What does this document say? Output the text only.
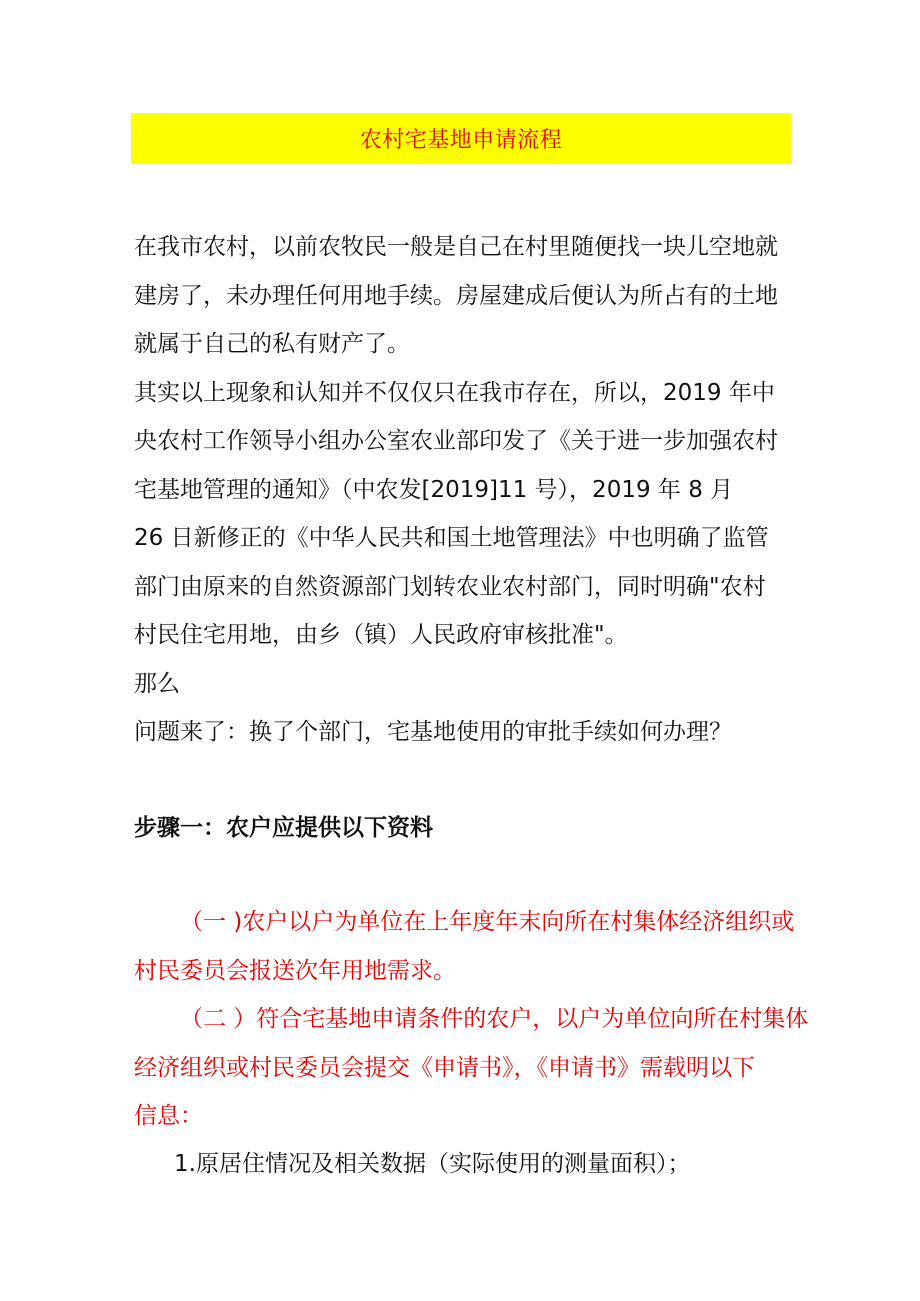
农村宅基地申请流程
在我市农村，以前农牧民一般是自己在村里随便找一块儿空地就
建房了，未办理任何用地手续。房屋建成后便认为所占有的土地
就属于自己的私有财产了。
其实以上现象和认知并不仅仅只在我市存在，所以，2019 年中
央农村工作领导小组办公室农业部印发了《关于进一步加强农村
宅基地管理的通知》（中农发[2019]11 号），2019 年 8 月
26 日新修正的《中华人民共和国土地管理法》中也明确了监管
部门由原来的自然资源部门划转农业农村部门，同时明确"农村
村民住宅用地，由乡（镇）人民政府审核批准"。
那么
问题来了：换了个部门，宅基地使用的审批手续如何办理？
步骤一：农户应提供以下资料
（一 )农户以户为单位在上年度年末向所在村集体经济组织或
村民委员会报送次年用地需求。
（二 ）符合宅基地申请条件的农户，以户为单位向所在村集体
经济组织或村民委员会提交《申请书》，《申请书》需载明以下
信息：
1.原居住情况及相关数据（实际使用的测量面积）；
